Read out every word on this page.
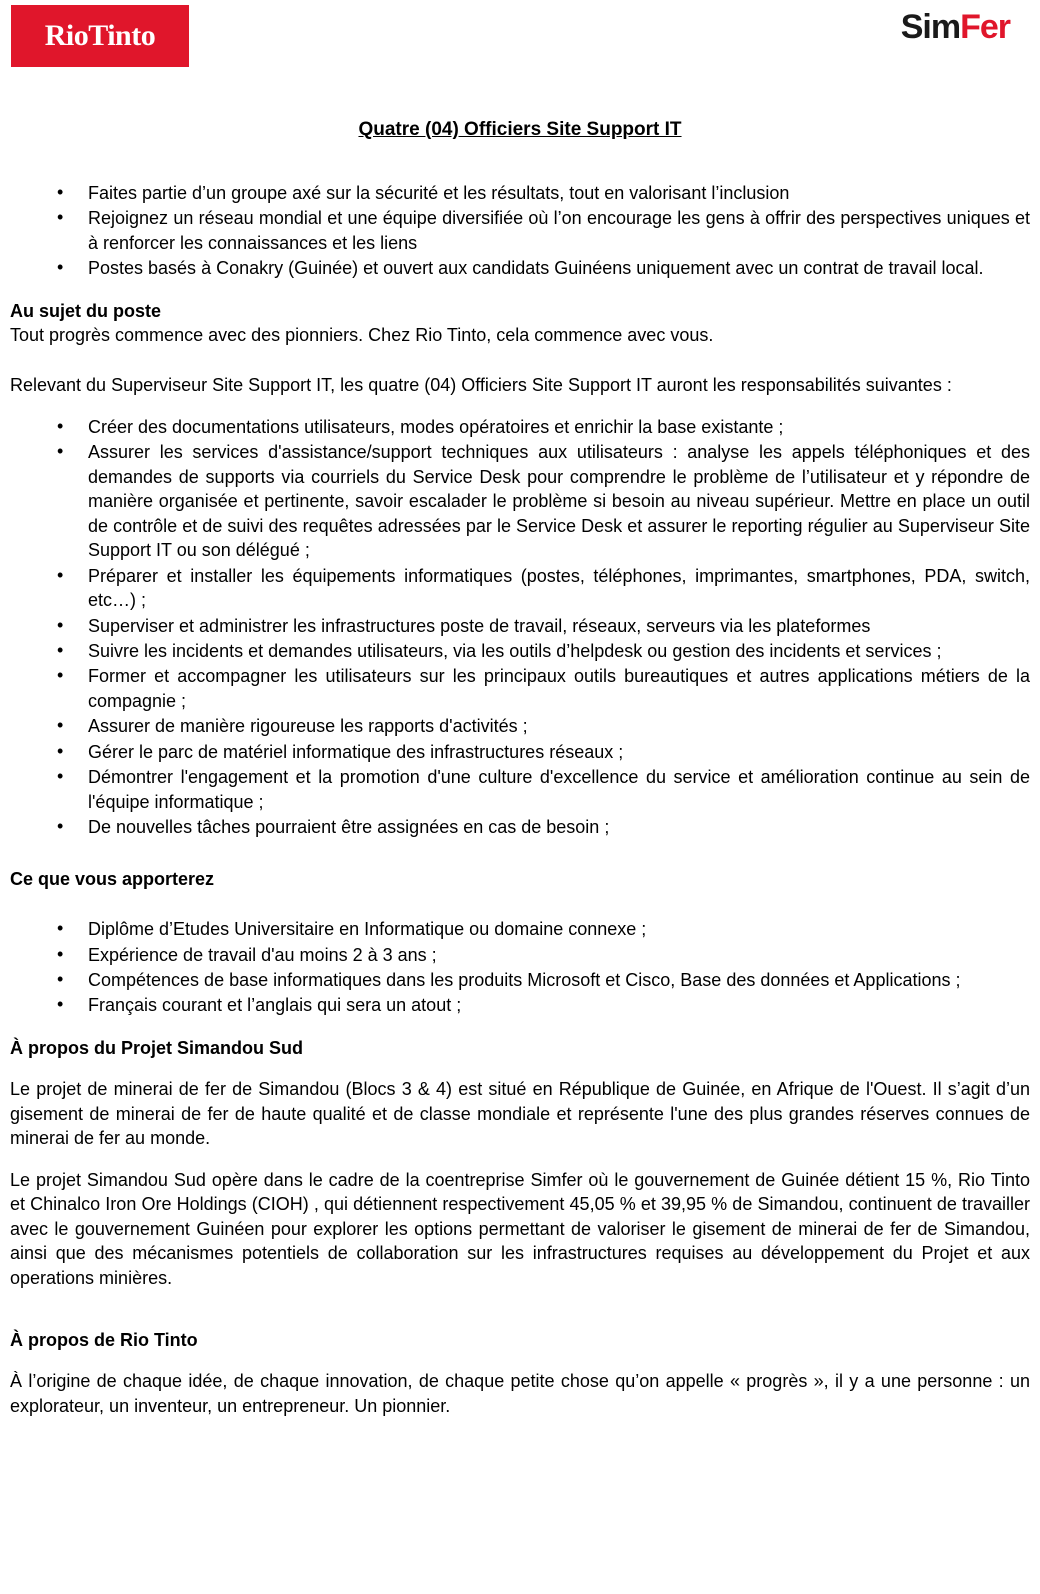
RioTinto	SimFer
Quatre (04) Officiers Site Support IT
• Faites partie d’un groupe axé sur la sécurité et les résultats, tout en valorisant l’inclusion
• Rejoignez un réseau mondial et une équipe diversifiée où l’on encourage les gens à offrir des perspectives uniques et à renforcer les connaissances et les liens
• Postes basés à Conakry (Guinée) et ouvert aux candidats Guinéens uniquement avec un contrat de travail local.
Au sujet du poste
Tout progrès commence avec des pionniers. Chez Rio Tinto, cela commence avec vous.
Relevant du Superviseur Site Support IT, les quatre (04) Officiers Site Support IT auront les responsabilités suivantes :
• Créer des documentations utilisateurs, modes opératoires et enrichir la base existante ;
• Assurer les services d'assistance/support techniques aux utilisateurs : analyse les appels téléphoniques et des demandes de supports via courriels du Service Desk pour comprendre le problème de l’utilisateur et y répondre de manière organisée et pertinente, savoir escalader le problème si besoin au niveau supérieur. Mettre en place un outil de contrôle et de suivi des requêtes adressées par le Service Desk et assurer le reporting régulier au Superviseur Site Support IT ou son délégué ;
• Préparer et installer les équipements informatiques (postes, téléphones, imprimantes, smartphones, PDA, switch, etc…) ;
• Superviser et administrer les infrastructures poste de travail, réseaux, serveurs via les plateformes
• Suivre les incidents et demandes utilisateurs, via les outils d’helpdesk ou gestion des incidents et services ;
• Former et accompagner les utilisateurs sur les principaux outils bureautiques et autres applications métiers de la compagnie ;
• Assurer de manière rigoureuse les rapports d'activités ;
• Gérer le parc de matériel informatique des infrastructures réseaux ;
• Démontrer l'engagement et la promotion d'une culture d'excellence du service et amélioration continue au sein de l'équipe informatique ;
• De nouvelles tâches pourraient être assignées en cas de besoin ;
Ce que vous apporterez
• Diplôme d’Etudes Universitaire en Informatique ou domaine connexe ;
• Expérience de travail d'au moins 2 à 3 ans ;
• Compétences de base informatiques dans les produits Microsoft et Cisco, Base des données et Applications ;
• Français courant et l’anglais qui sera un atout ;
À propos du Projet Simandou Sud
Le projet de minerai de fer de Simandou (Blocs 3 & 4) est situé en République de Guinée, en Afrique de l'Ouest. Il s’agit d’un gisement de minerai de fer de haute qualité et de classe mondiale et représente l'une des plus grandes réserves connues de minerai de fer au monde.
Le projet Simandou Sud opère dans le cadre de la coentreprise Simfer où le gouvernement de Guinée détient 15 %, Rio Tinto et Chinalco Iron Ore Holdings (CIOH) , qui détiennent respectivement 45,05 % et 39,95 % de Simandou, continuent de travailler avec le gouvernement Guinéen pour explorer les options permettant de valoriser le gisement de minerai de fer de Simandou, ainsi que des mécanismes potentiels de collaboration sur les infrastructures requises au développement du Projet et aux operations minières.
À propos de Rio Tinto
À l’origine de chaque idée, de chaque innovation, de chaque petite chose qu’on appelle « progrès », il y a une personne : un explorateur, un inventeur, un entrepreneur. Un pionnier.
